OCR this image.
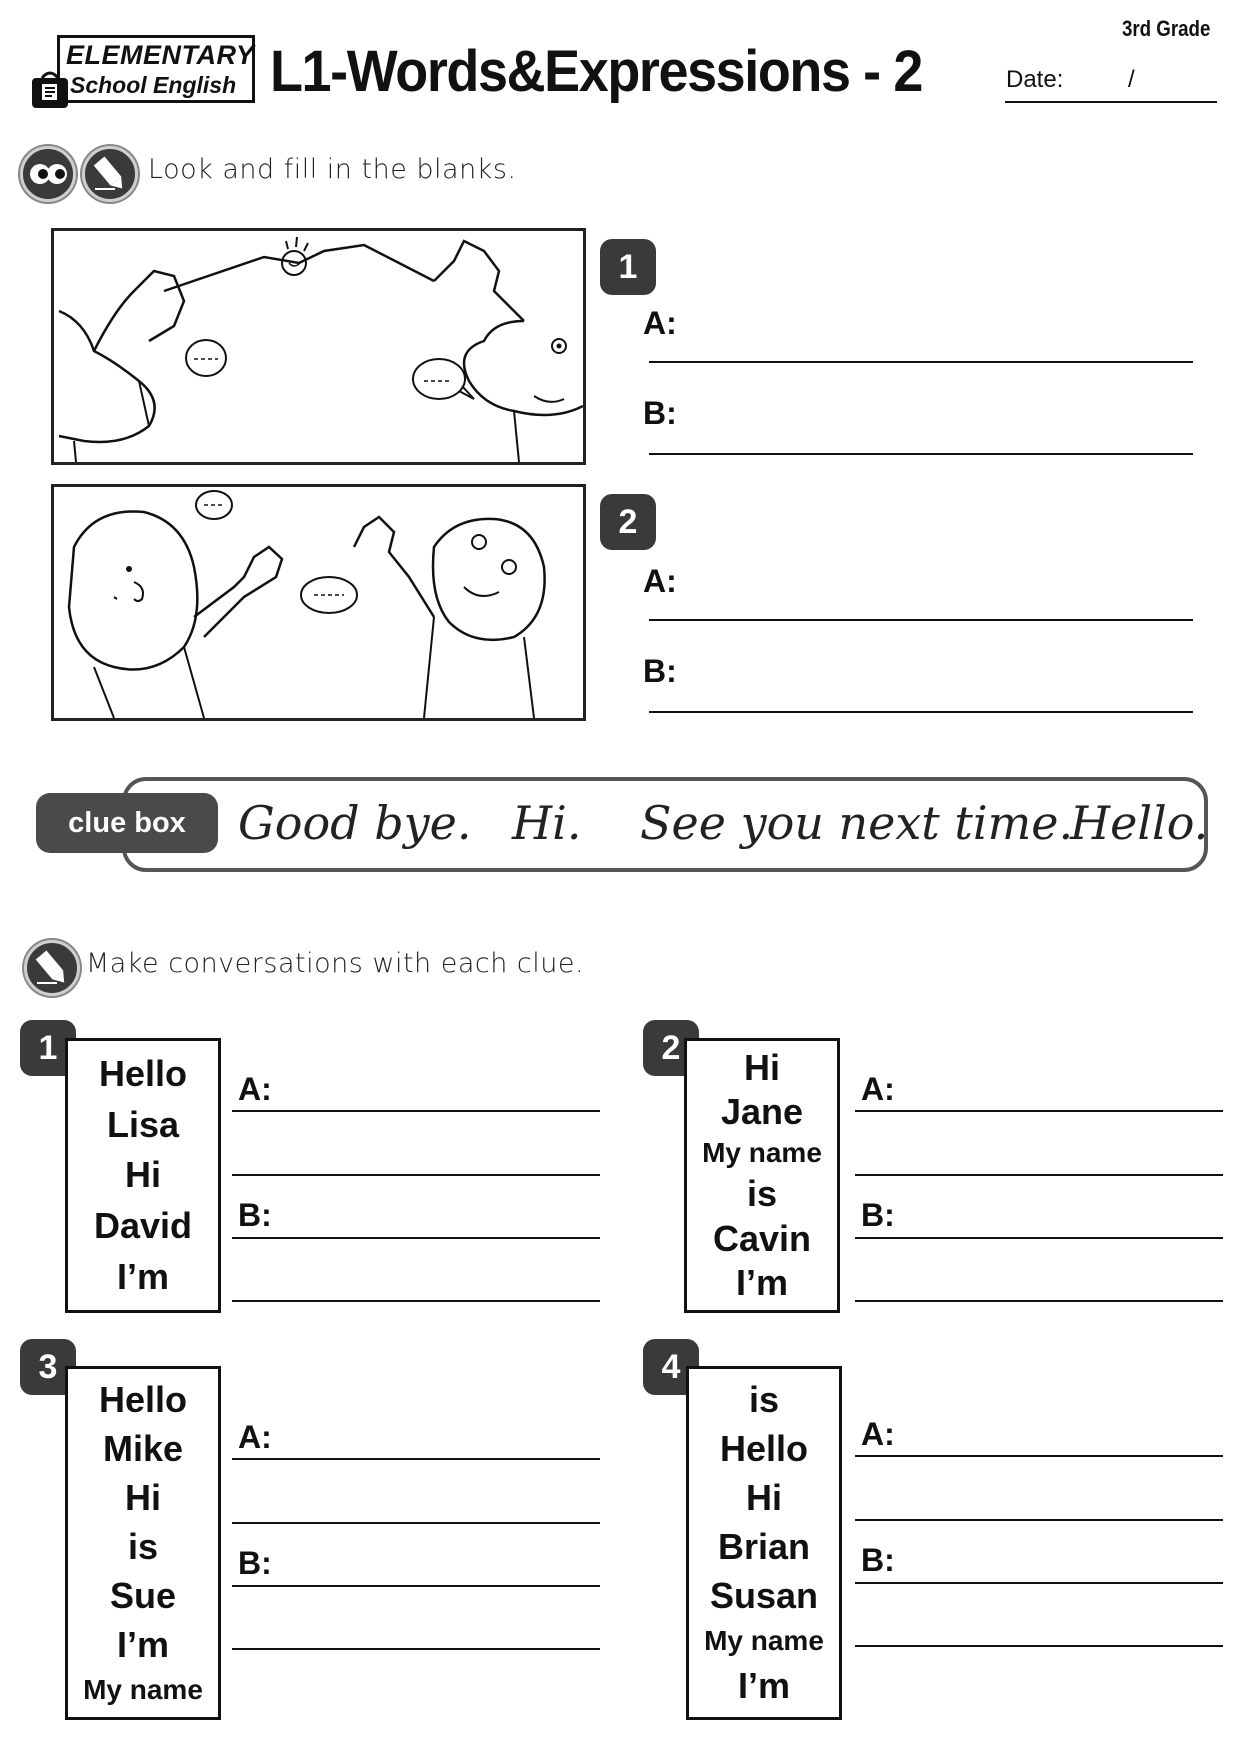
ELEMENTARY
School English L1-Words&Expressions - 2
3rd Grade
Date:	/
Look and fill in the blanks.
1
A:
B:
2
A:
B:
clue box	Good bye. Hi. See you next time.
Hello.
Make conversations with each clue.
1
Hello
Lisa
Hi
David
I’m
A:
B:
2	Hi
Jane
My name
is
Cavin
I’m
A:
B:
3
Hello
Mike
Hi
is
Sue
I’m
My name
A:
B:
4
is
Hello
Hi
Brian
Susan
My name
I’m
A:
B:
